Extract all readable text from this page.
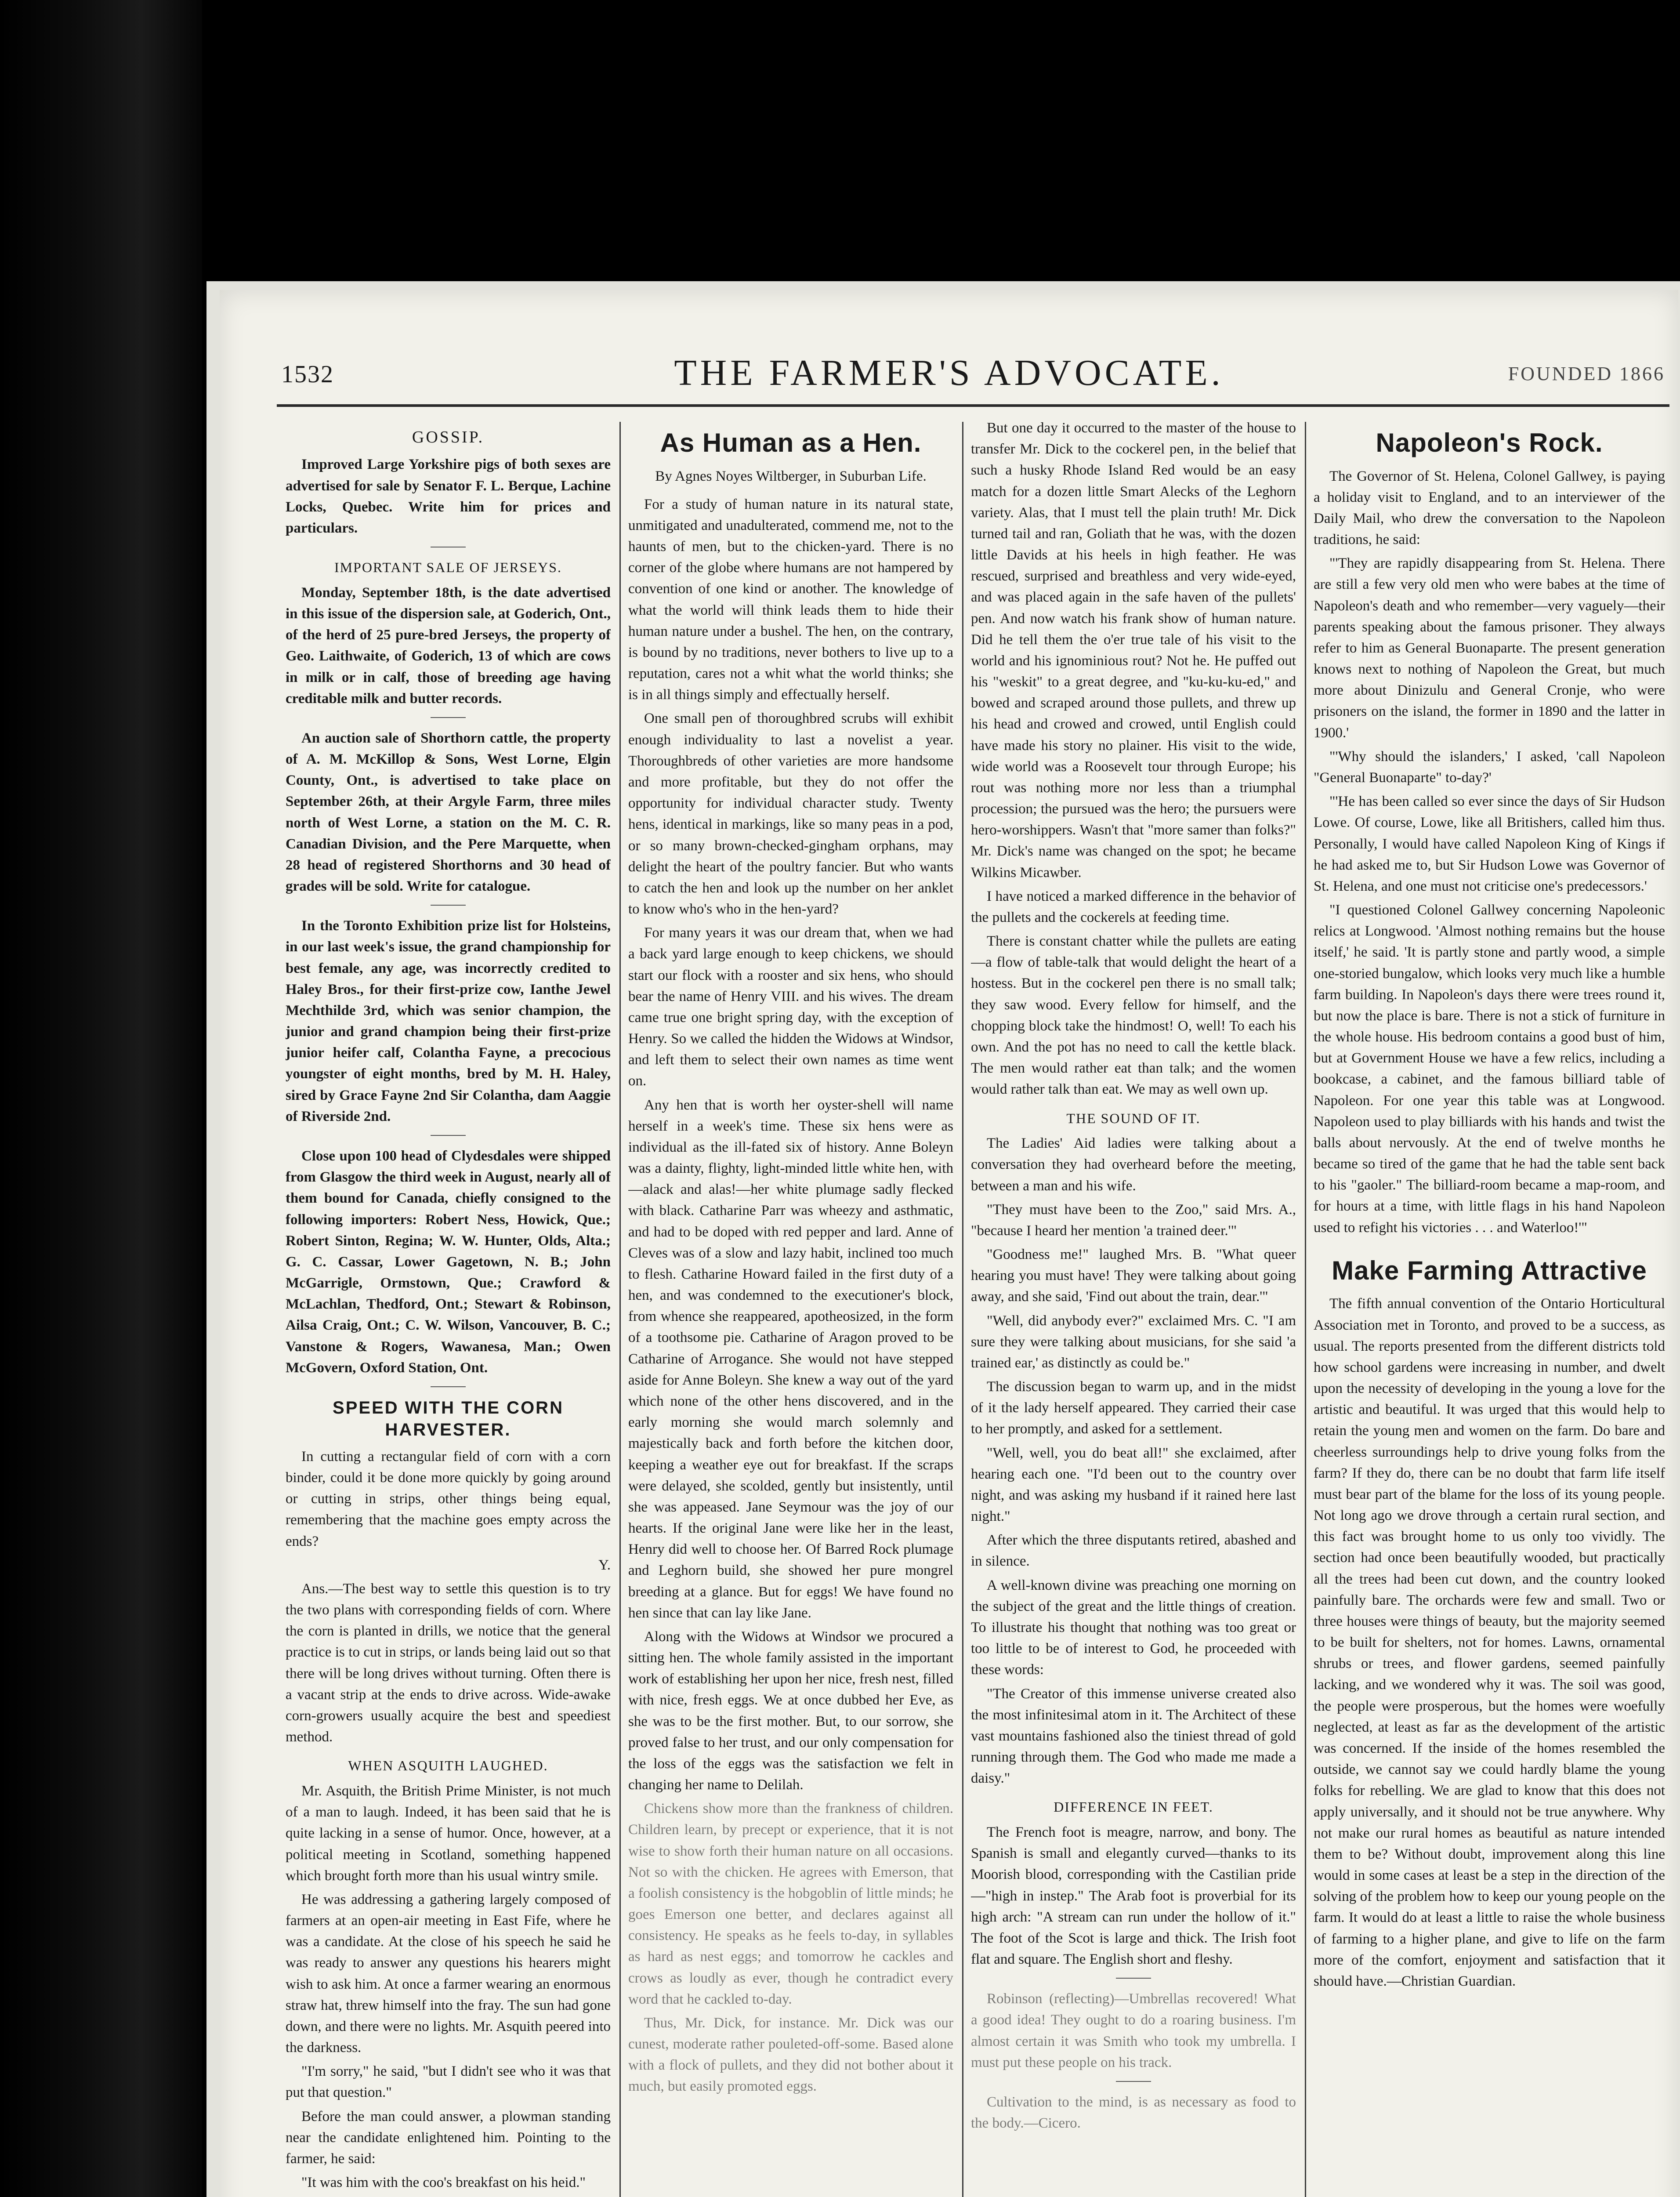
1532	THE FARMER'S ADVOCATE.	FOUNDED 1866
GOSSIP.

Improved Large Yorkshire pigs of both sexes are advertised for sale by Senator F. L. Berque, Lachine Locks, Quebec. Write him for prices and particulars.

IMPORTANT SALE OF JERSEYS.

Monday, September 18th, is the date advertised in this issue of the dispersion sale, at Goderich, Ont., of the herd of 25 pure-bred Jerseys, the property of Geo. Laithwaite, of Goderich, 13 of which are cows in milk or in calf, those of breeding age having creditable milk and butter records.

An auction sale of Shorthorn cattle, the property of A. M. McKillop & Sons, West Lorne, Elgin County, Ont., is advertised to take place on September 26th, at their Argyle Farm, three miles north of West Lorne, a station on the M. C. R. Canadian Division, and the Pere Marquette, when 28 head of registered Shorthorns and 30 head of grades will be sold. Write for catalogue.

In the Toronto Exhibition prize list for Holsteins, in our last week's issue, the grand championship for best female, any age, was incorrectly credited to Haley Bros., for their first-prize cow, Ianthe Jewel Mechthilde 3rd, which was senior champion, the junior and grand champion being their first-prize junior heifer calf, Colantha Fayne, a precocious youngster of eight months, bred by M. H. Haley, sired by Grace Fayne 2nd Sir Colantha, dam Aaggie of Riverside 2nd.

Close upon 100 head of Clydesdales were shipped from Glasgow the third week in August, nearly all of them bound for Canada, chiefly consigned to the following importers: Robert Ness, Howick, Que.; Robert Sinton, Regina; W. W. Hunter, Olds, Alta.; G. C. Cassar, Lower Gagetown, N. B.; John McGarrigle, Ormstown, Que.; Crawford & McLachlan, Thedford, Ont.; Stewart & Robinson, Ailsa Craig, Ont.; C. W. Wilson, Vancouver, B. C.; Vanstone & Rogers, Wawanesa, Man.; Owen McGovern, Oxford Station, Ont.

SPEED WITH THE CORN HARVESTER.

In cutting a rectangular field of corn with a corn binder, could it be done more quickly by going around or cutting in strips, other things being equal, remembering that the machine goes empty across the ends?

Y.

Ans.—The best way to settle this question is to try the two plans with corresponding fields of corn. Where the corn is planted in drills, we notice that the general practice is to cut in strips, or lands being laid out so that there will be long drives without turning. Often there is a vacant strip at the ends to drive across. Wide-awake corn-growers usually acquire the best and speediest method.

WHEN ASQUITH LAUGHED.

Mr. Asquith, the British Prime Minister, is not much of a man to laugh. Indeed, it has been said that he is quite lacking in a sense of humor. Once, however, at a political meeting in Scotland, something happened which brought forth more than his usual wintry smile.

He was addressing a gathering largely composed of farmers at an open-air meeting in East Fife, where he was a candidate. At the close of his speech he said he was ready to answer any questions his hearers might wish to ask him. At once a farmer wearing an enormous straw hat, threw himself into the fray. The sun had gone down, and there were no lights. Mr. Asquith peered into the darkness.

"I'm sorry," he said, "but I didn't see who it was that put that question."

Before the man could answer, a plowman standing near the candidate enlightened him. Pointing to the farmer, he said:

"It was him with the coo's breakfast on his heid."

As Human as a Hen.
By Agnes Noyes Wiltberger, in Suburban Life.

For a study of human nature in its natural state, unmitigated and unadulterated, commend me, not to the haunts of men, but to the chicken-yard. There is no corner of the globe where humans are not hampered by convention of one kind or another. The knowledge of what the world will think leads them to hide their human nature under a bushel. The hen, on the contrary, is bound by no traditions, never bothers to live up to a reputation, cares not a whit what the world thinks; she is in all things simply and effectually herself.

One small pen of thoroughbred scrubs will exhibit enough individuality to last a novelist a year. Thoroughbreds of other varieties are more handsome and more profitable, but they do not offer the opportunity for individual character study. Twenty hens, identical in markings, like so many peas in a pod, or so many brown-checked-gingham orphans, may delight the heart of the poultry fancier. But who wants to catch the hen and look up the number on her anklet to know who's who in the hen-yard?

For many years it was our dream that, when we had a back yard large enough to keep chickens, we should start our flock with a rooster and six hens, who should bear the name of Henry VIII. and his wives. The dream came true one bright spring day, with the exception of Henry. So we called the hidden the Widows at Windsor, and left them to select their own names as time went on.

Any hen that is worth her oyster-shell will name herself in a week's time. These six hens were as individual as the ill-fated six of history. Anne Boleyn was a dainty, flighty, light-minded little white hen, with—alack and alas!—her white plumage sadly flecked with black. Catharine Parr was wheezy and asthmatic, and had to be doped with red pepper and lard. Anne of Cleves was of a slow and lazy habit, inclined too much to flesh. Catharine Howard failed in the first duty of a hen, and was condemned to the executioner's block, from whence she reappeared, apotheosized, in the form of a toothsome pie. Catharine of Aragon proved to be Catharine of Arrogance. She would not have stepped aside for Anne Boleyn. She knew a way out of the yard which none of the other hens discovered, and in the early morning she would march solemnly and majestically back and forth before the kitchen door, keeping a weather eye out for breakfast. If the scraps were delayed, she scolded, gently but insistently, until she was appeased. Jane Seymour was the joy of our hearts. If the original Jane were like her in the least, Henry did well to choose her. Of Barred Rock plumage and Leghorn build, she showed her pure mongrel breeding at a glance. But for eggs! We have found no hen since that can lay like Jane.

Along with the Widows at Windsor we procured a sitting hen. The whole family assisted in the important work of establishing her upon her nice, fresh nest, filled with nice, fresh eggs. We at once dubbed her Eve, as she was to be the first mother. But, to our sorrow, she proved false to her trust, and our only compensation for the loss of the eggs was the satisfaction we felt in changing her name to Delilah.

Chickens show more than the frankness of children. Children learn, by precept or experience, that it is not wise to show forth their human nature on all occasions. Not so with the chicken. He agrees with Emerson, that a foolish consistency is the hobgoblin of little minds; he goes Emerson one better, and declares against all consistency. He speaks as he feels to-day, in syllables as hard as nest eggs; and tomorrow he cackles and crows as loudly as ever, though he contradict every word that he cackled to-day.

Thus, Mr. Dick, for instance. Mr. Dick was our cunest, moderate rather pouleted-off-some. Based alone with a flock of pullets, and they did not bother about it much, but easily promoted eggs.

But one day it occurred to the master of the house to transfer Mr. Dick to the cockerel pen, in the belief that such a husky Rhode Island Red would be an easy match for a dozen little Smart Alecks of the Leghorn variety. Alas, that I must tell the plain truth! Mr. Dick turned tail and ran, Goliath that he was, with the dozen little Davids at his heels in high feather. He was rescued, surprised and breathless and very wide-eyed, and was placed again in the safe haven of the pullets' pen. And now watch his frank show of human nature. Did he tell them the o'er true tale of his visit to the world and his ignominious rout? Not he. He puffed out his "weskit" to a great degree, and "ku-ku-ku-ed," and bowed and scraped around those pullets, and threw up his head and crowed and crowed, until English could have made his story no plainer. His visit to the wide, wide world was a Roosevelt tour through Europe; his rout was nothing more nor less than a triumphal procession; the pursued was the hero; the pursuers were hero-worshippers. Wasn't that "more samer than folks?" Mr. Dick's name was changed on the spot; he became Wilkins Micawber.

I have noticed a marked difference in the behavior of the pullets and the cockerels at feeding time.

There is constant chatter while the pullets are eating—a flow of table-talk that would delight the heart of a hostess. But in the cockerel pen there is no small talk; they saw wood. Every fellow for himself, and the chopping block take the hindmost! O, well! To each his own. And the pot has no need to call the kettle black. The men would rather eat than talk; and the women would rather talk than eat. We may as well own up.

THE SOUND OF IT.

The Ladies' Aid ladies were talking about a conversation they had overheard before the meeting, between a man and his wife.

"They must have been to the Zoo," said Mrs. A., "because I heard her mention 'a trained deer.'"

"Goodness me!" laughed Mrs. B. "What queer hearing you must have! They were talking about going away, and she said, 'Find out about the train, dear.'"

"Well, did anybody ever?" exclaimed Mrs. C. "I am sure they were talking about musicians, for she said 'a trained ear,' as distinctly as could be."

The discussion began to warm up, and in the midst of it the lady herself appeared. They carried their case to her promptly, and asked for a settlement.

"Well, well, you do beat all!" she exclaimed, after hearing each one. "I'd been out to the country over night, and was asking my husband if it rained here last night."

After which the three disputants retired, abashed and in silence.

A well-known divine was preaching one morning on the subject of the great and the little things of creation. To illustrate his thought that nothing was too great or too little to be of interest to God, he proceeded with these words:

"The Creator of this immense universe created also the most infinitesimal atom in it. The Architect of these vast mountains fashioned also the tiniest thread of gold running through them. The God who made me made a daisy."

DIFFERENCE IN FEET.

The French foot is meagre, narrow, and bony. The Spanish is small and elegantly curved—thanks to its Moorish blood, corresponding with the Castilian pride—"high in instep." The Arab foot is proverbial for its high arch: "A stream can run under the hollow of it." The foot of the Scot is large and thick. The Irish foot flat and square. The English short and fleshy.

Robinson (reflecting)—Umbrellas recovered! What a good idea! They ought to do a roaring business. I'm almost certain it was Smith who took my umbrella. I must put these people on his track.

Cultivation to the mind, is as necessary as food to the body.—Cicero.

Napoleon's Rock.

The Governor of St. Helena, Colonel Gallwey, is paying a holiday visit to England, and to an interviewer of the Daily Mail, who drew the conversation to the Napoleon traditions, he said:

"'They are rapidly disappearing from St. Helena. There are still a few very old men who were babes at the time of Napoleon's death and who remember—very vaguely—their parents speaking about the famous prisoner. They always refer to him as General Buonaparte. The present generation knows next to nothing of Napoleon the Great, but much more about Dinizulu and General Cronje, who were prisoners on the island, the former in 1890 and the latter in 1900.'

"'Why should the islanders,' I asked, 'call Napoleon "General Buonaparte" to-day?'

"'He has been called so ever since the days of Sir Hudson Lowe. Of course, Lowe, like all Britishers, called him thus. Personally, I would have called Napoleon King of Kings if he had asked me to, but Sir Hudson Lowe was Governor of St. Helena, and one must not criticise one's predecessors.'

"I questioned Colonel Gallwey concerning Napoleonic relics at Longwood. 'Almost nothing remains but the house itself,' he said. 'It is partly stone and partly wood, a simple one-storied bungalow, which looks very much like a humble farm building. In Napoleon's days there were trees round it, but now the place is bare. There is not a stick of furniture in the whole house. His bedroom contains a good bust of him, but at Government House we have a few relics, including a bookcase, a cabinet, and the famous billiard table of Napoleon. For one year this table was at Longwood. Napoleon used to play billiards with his hands and twist the balls about nervously. At the end of twelve months he became so tired of the game that he had the table sent back to his "gaoler." The billiard-room became a map-room, and for hours at a time, with little flags in his hand Napoleon used to refight his victories . . . and Waterloo!'"

Make Farming Attractive

The fifth annual convention of the Ontario Horticultural Association met in Toronto, and proved to be a success, as usual. The reports presented from the different districts told how school gardens were increasing in number, and dwelt upon the necessity of developing in the young a love for the artistic and beautiful. It was urged that this would help to retain the young men and women on the farm. Do bare and cheerless surroundings help to drive young folks from the farm? If they do, there can be no doubt that farm life itself must bear part of the blame for the loss of its young people. Not long ago we drove through a certain rural section, and this fact was brought home to us only too vividly. The section had once been beautifully wooded, but practically all the trees had been cut down, and the country looked painfully bare. The orchards were few and small. Two or three houses were things of beauty, but the majority seemed to be built for shelters, not for homes. Lawns, ornamental shrubs or trees, and flower gardens, seemed painfully lacking, and we wondered why it was. The soil was good, the people were prosperous, but the homes were woefully neglected, at least as far as the development of the artistic was concerned. If the inside of the homes resembled the outside, we cannot say we could hardly blame the young folks for rebelling. We are glad to know that this does not apply universally, and it should not be true anywhere. Why not make our rural homes as beautiful as nature intended them to be? Without doubt, improvement along this line would in some cases at least be a step in the direction of the solving of the problem how to keep our young people on the farm. It would do at least a little to raise the whole business of farming to a higher plane, and give to life on the farm more of the comfort, enjoyment and satisfaction that it should have.—Christian Guardian.
